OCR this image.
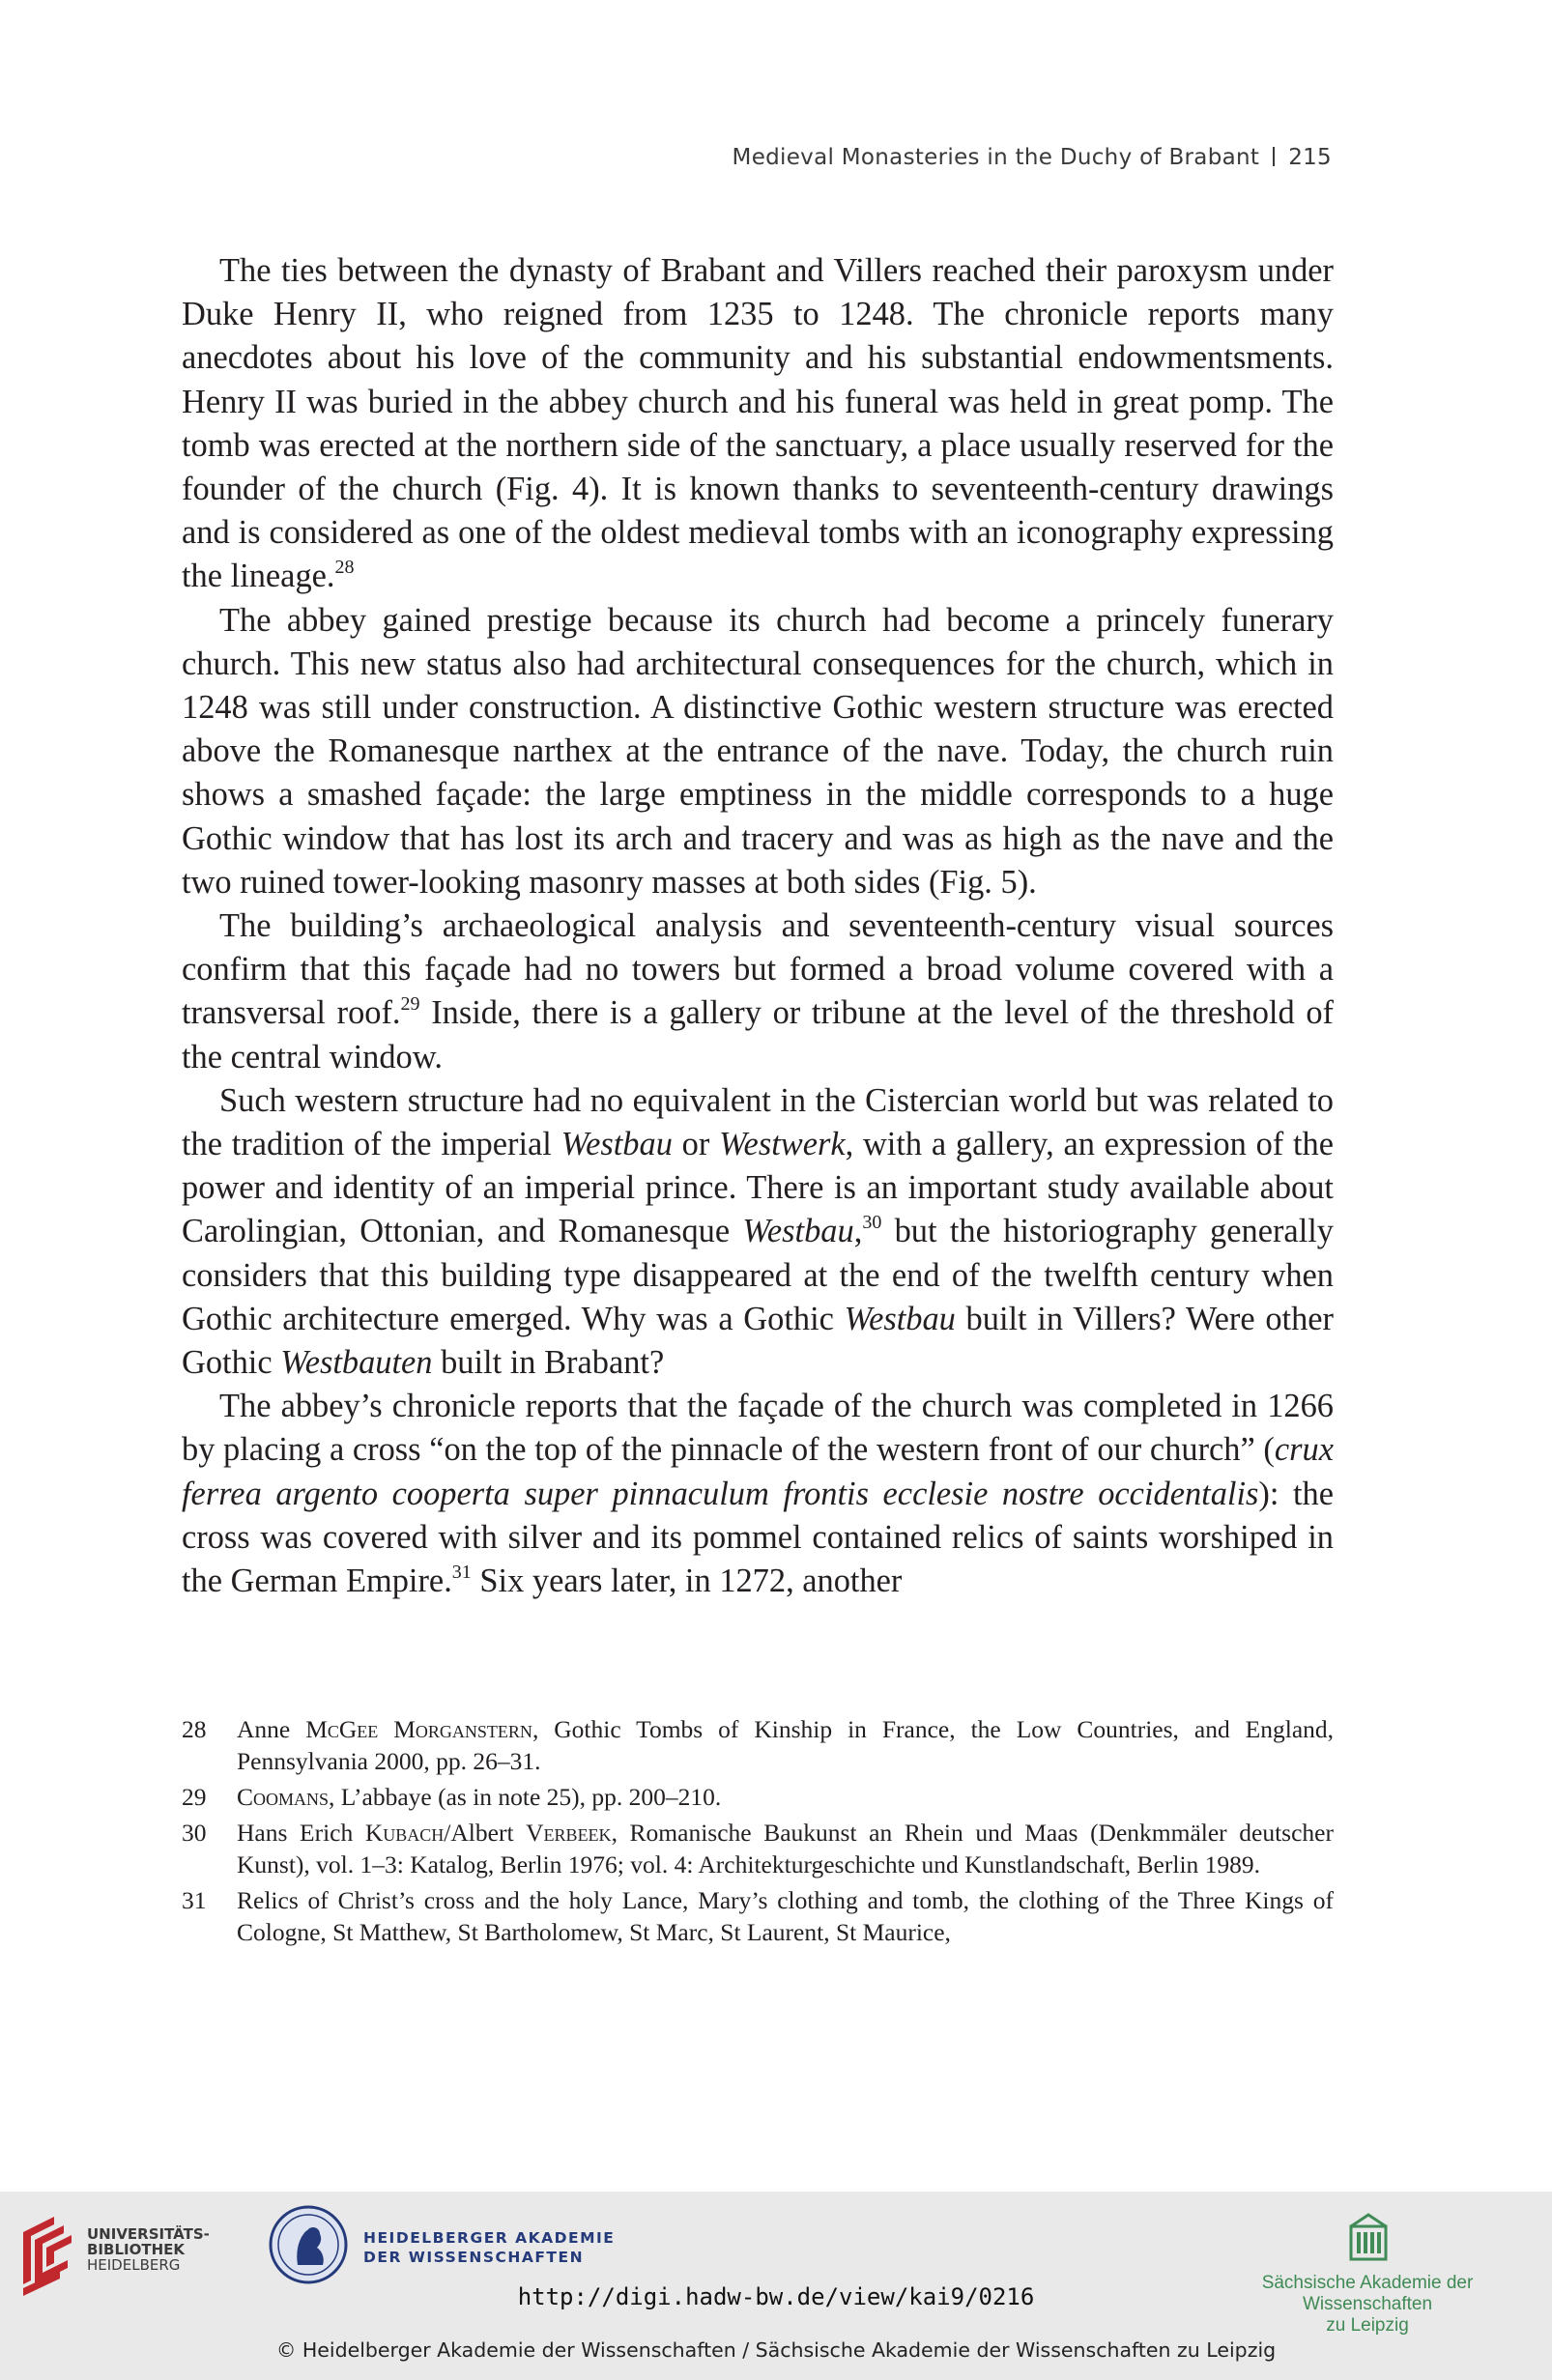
Medieval Monasteries in the Duchy of Brabant 215

The ties between the dynasty of Brabant and Villers reached their paroxysm under Duke Henry II, who reigned from 1235 to 1248. The chronicle reports many anecdotes about his love of the community and his substantial endowmentsments. Henry II was buried in the abbey church and his funeral was held in great pomp. The tomb was erected at the northern side of the sanctuary, a place usually reserved for the founder of the church (Fig. 4). It is known thanks to seventeenth-century drawings and is considered as one of the oldest medieval tombs with an iconography expressing the lineage.$^{28}$

The abbey gained prestige because its church had become a princely funerary church. This new status also had architectural consequences for the church, which in 1248 was still under construction. A distinctive Gothic western structure was erected above the Romanesque narthex at the entrance of the nave. Today, the church ruin shows a smashed façade: the large emptiness in the middle corresponds to a huge Gothic window that has lost its arch and tracery and was as high as the nave and the two ruined tower-looking masonry masses at both sides (Fig. 5).

The building’s archaeological analysis and seventeenth-century visual sources confirm that this façade had no towers but formed a broad volume covered with a transversal roof.$^{29}$ Inside, there is a gallery or tribune at the level of the threshold of the central window.

Such western structure had no equivalent in the Cistercian world but was related to the tradition of the imperial Westbau or Westwerk, with a gallery, an expression of the power and identity of an imperial prince. There is an important study available about Carolingian, Ottonian, and Romanesque Westbau,$^{30}$ but the historiography generally considers that this building type disappeared at the end of the twelfth century when Gothic architecture emerged. Why was a Gothic Westbau built in Villers? Were other Gothic Westbauten built in Brabant?

The abbey’s chronicle reports that the façade of the church was completed in 1266 by placing a cross “on the top of the pinnacle of the western front of our church” (crux ferrea argento cooperta super pinnaculum frontis ecclesie nostre occidentalis): the cross was covered with silver and its pommel contained relics of saints worshiped in the German Empire.$^{31}$ Six years later, in 1272, another

28	Anne McGee Morganstern, Gothic Tombs of Kinship in France, the Low Countries, and England, Pennsylvania 2000, pp. 26–31.
29	Coomans, L’abbaye (as in note 25), pp. 200–210.
30	Hans Erich Kubach/Albert Verbeek, Romanische Baukunst an Rhein und Maas (Denkmmäler deutscher Kunst), vol. 1–3: Katalog, Berlin 1976; vol. 4: Architekturgeschichte und Kunstlandschaft, Berlin 1989.
31	Relics of Christ’s cross and the holy Lance, Mary’s clothing and tomb, the clothing of the Three Kings of Cologne, St Matthew, St Bartholomew, St Marc, St Laurent, St Maurice,
UNIVERSITÄTS-
BIBLIOTHEK
HEIDELBERG
HEIDELBERGER AKADEMIE
DER WISSENSCHAFTEN
Sächsische Akademie der Wissenschaften
zu Leipzig
http://digi.hadw-bw.de/view/kai9/0216
© Heidelberger Akademie der Wissenschaften / Sächsische Akademie der Wissenschaften zu Leipzig
